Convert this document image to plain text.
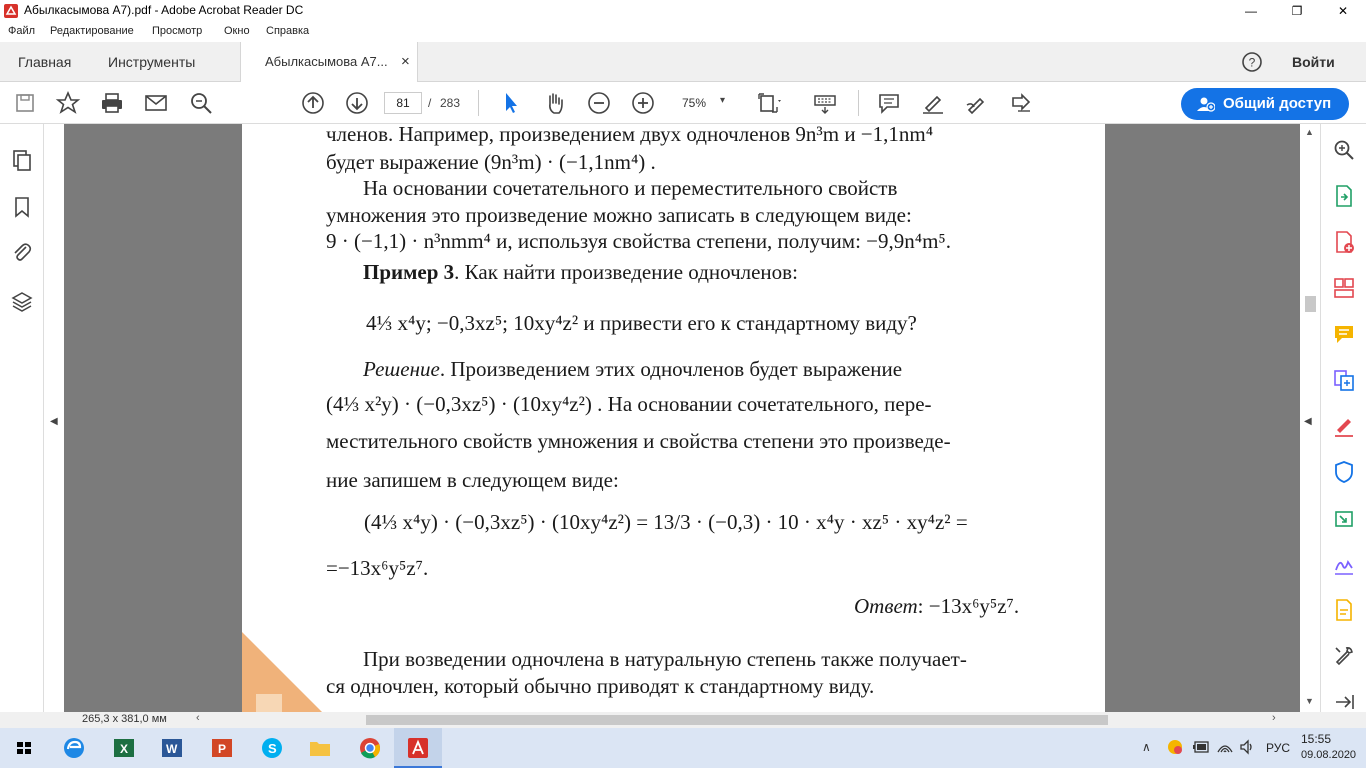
Абылкасымова А7).pdf - Adobe Acrobat Reader DC	—	❐	✕
Файл Редактирование Просмотр Окно Справка
Главная	Инструменты	Абылкасымова А7... ×	?	Войти
81	/ 283	75% ▾	Общий доступ
◀
▲
◀
▼
членов. Например, произведением двух одночленов 9n³m и −1,1nm⁴
будет выражение (9n³m) · (−1,1nm⁴) .
На основании сочетательного и переместительного свойств
умножения это произведение можно записать в следующем виде:
9 · (−1,1) · n³nmm⁴ и, используя свойства степени, получим: −9,9n⁴m⁵.
Пример 3. Как найти произведение одночленов:
4⅓ x⁴y; −0,3xz⁵; 10xy⁴z² и привести его к стандартному виду?
Решение. Произведением этих одночленов будет выражение
(4⅓ x²y) · (−0,3xz⁵) · (10xy⁴z²) . На основании сочетательного, пере-
местительного свойств умножения и свойства степени это произведе-
ние запишем в следующем виде:
(4⅓ x⁴y) · (−0,3xz⁵) · (10xy⁴z²) = 13/3 · (−0,3) · 10 · x⁴y · xz⁵ · xy⁴z² =
=−13x⁶y⁵z⁷.
Ответ: −13x⁶y⁵z⁷.
При возведении одночлена в натуральную степень также получает-
ся одночлен, который обычно приводят к стандартному виду.
265,3 x 381,0 мм	‹	›
X	W	P	S	∧	РУС
15:55
09.08.2020
